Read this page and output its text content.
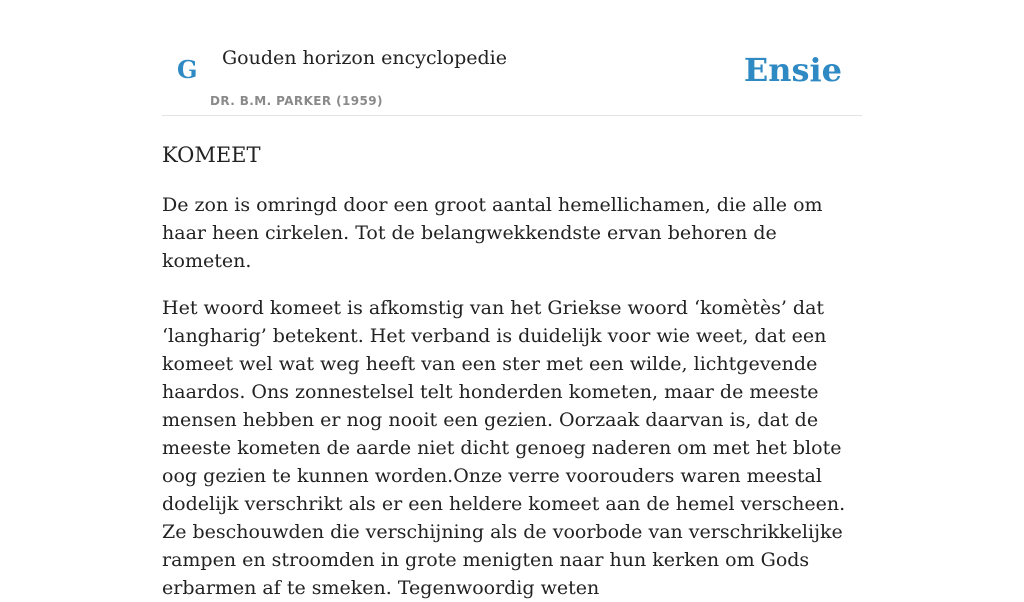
G Gouden horizon encyclopedie
DR. B.M. PARKER (1959)
Ensie
KOMEET

De zon is omringd door een groot aantal hemellichamen, die alle om haar heen cirkelen. Tot de belangwekkendste ervan behoren de kometen.

Het woord komeet is afkomstig van het Griekse woord ‘komètès’ dat ‘langharig’ betekent. Het verband is duidelijk voor wie weet, dat een komeet wel wat weg heeft van een ster met een wilde, lichtgevende haardos. Ons zonnestelsel telt honderden kometen, maar de meeste mensen hebben er nog nooit een gezien. Oorzaak daarvan is, dat de meeste kometen de aarde niet dicht genoeg naderen om met het blote oog gezien te kunnen worden.Onze verre voorouders waren meestal dodelijk verschrikt als er een heldere komeet aan de hemel verscheen. Ze beschouwden die verschijning als de voorbode van verschrikkelijke rampen en stroomden in grote menigten naar hun kerken om Gods erbarmen af te smeken. Tegenwoordig weten
